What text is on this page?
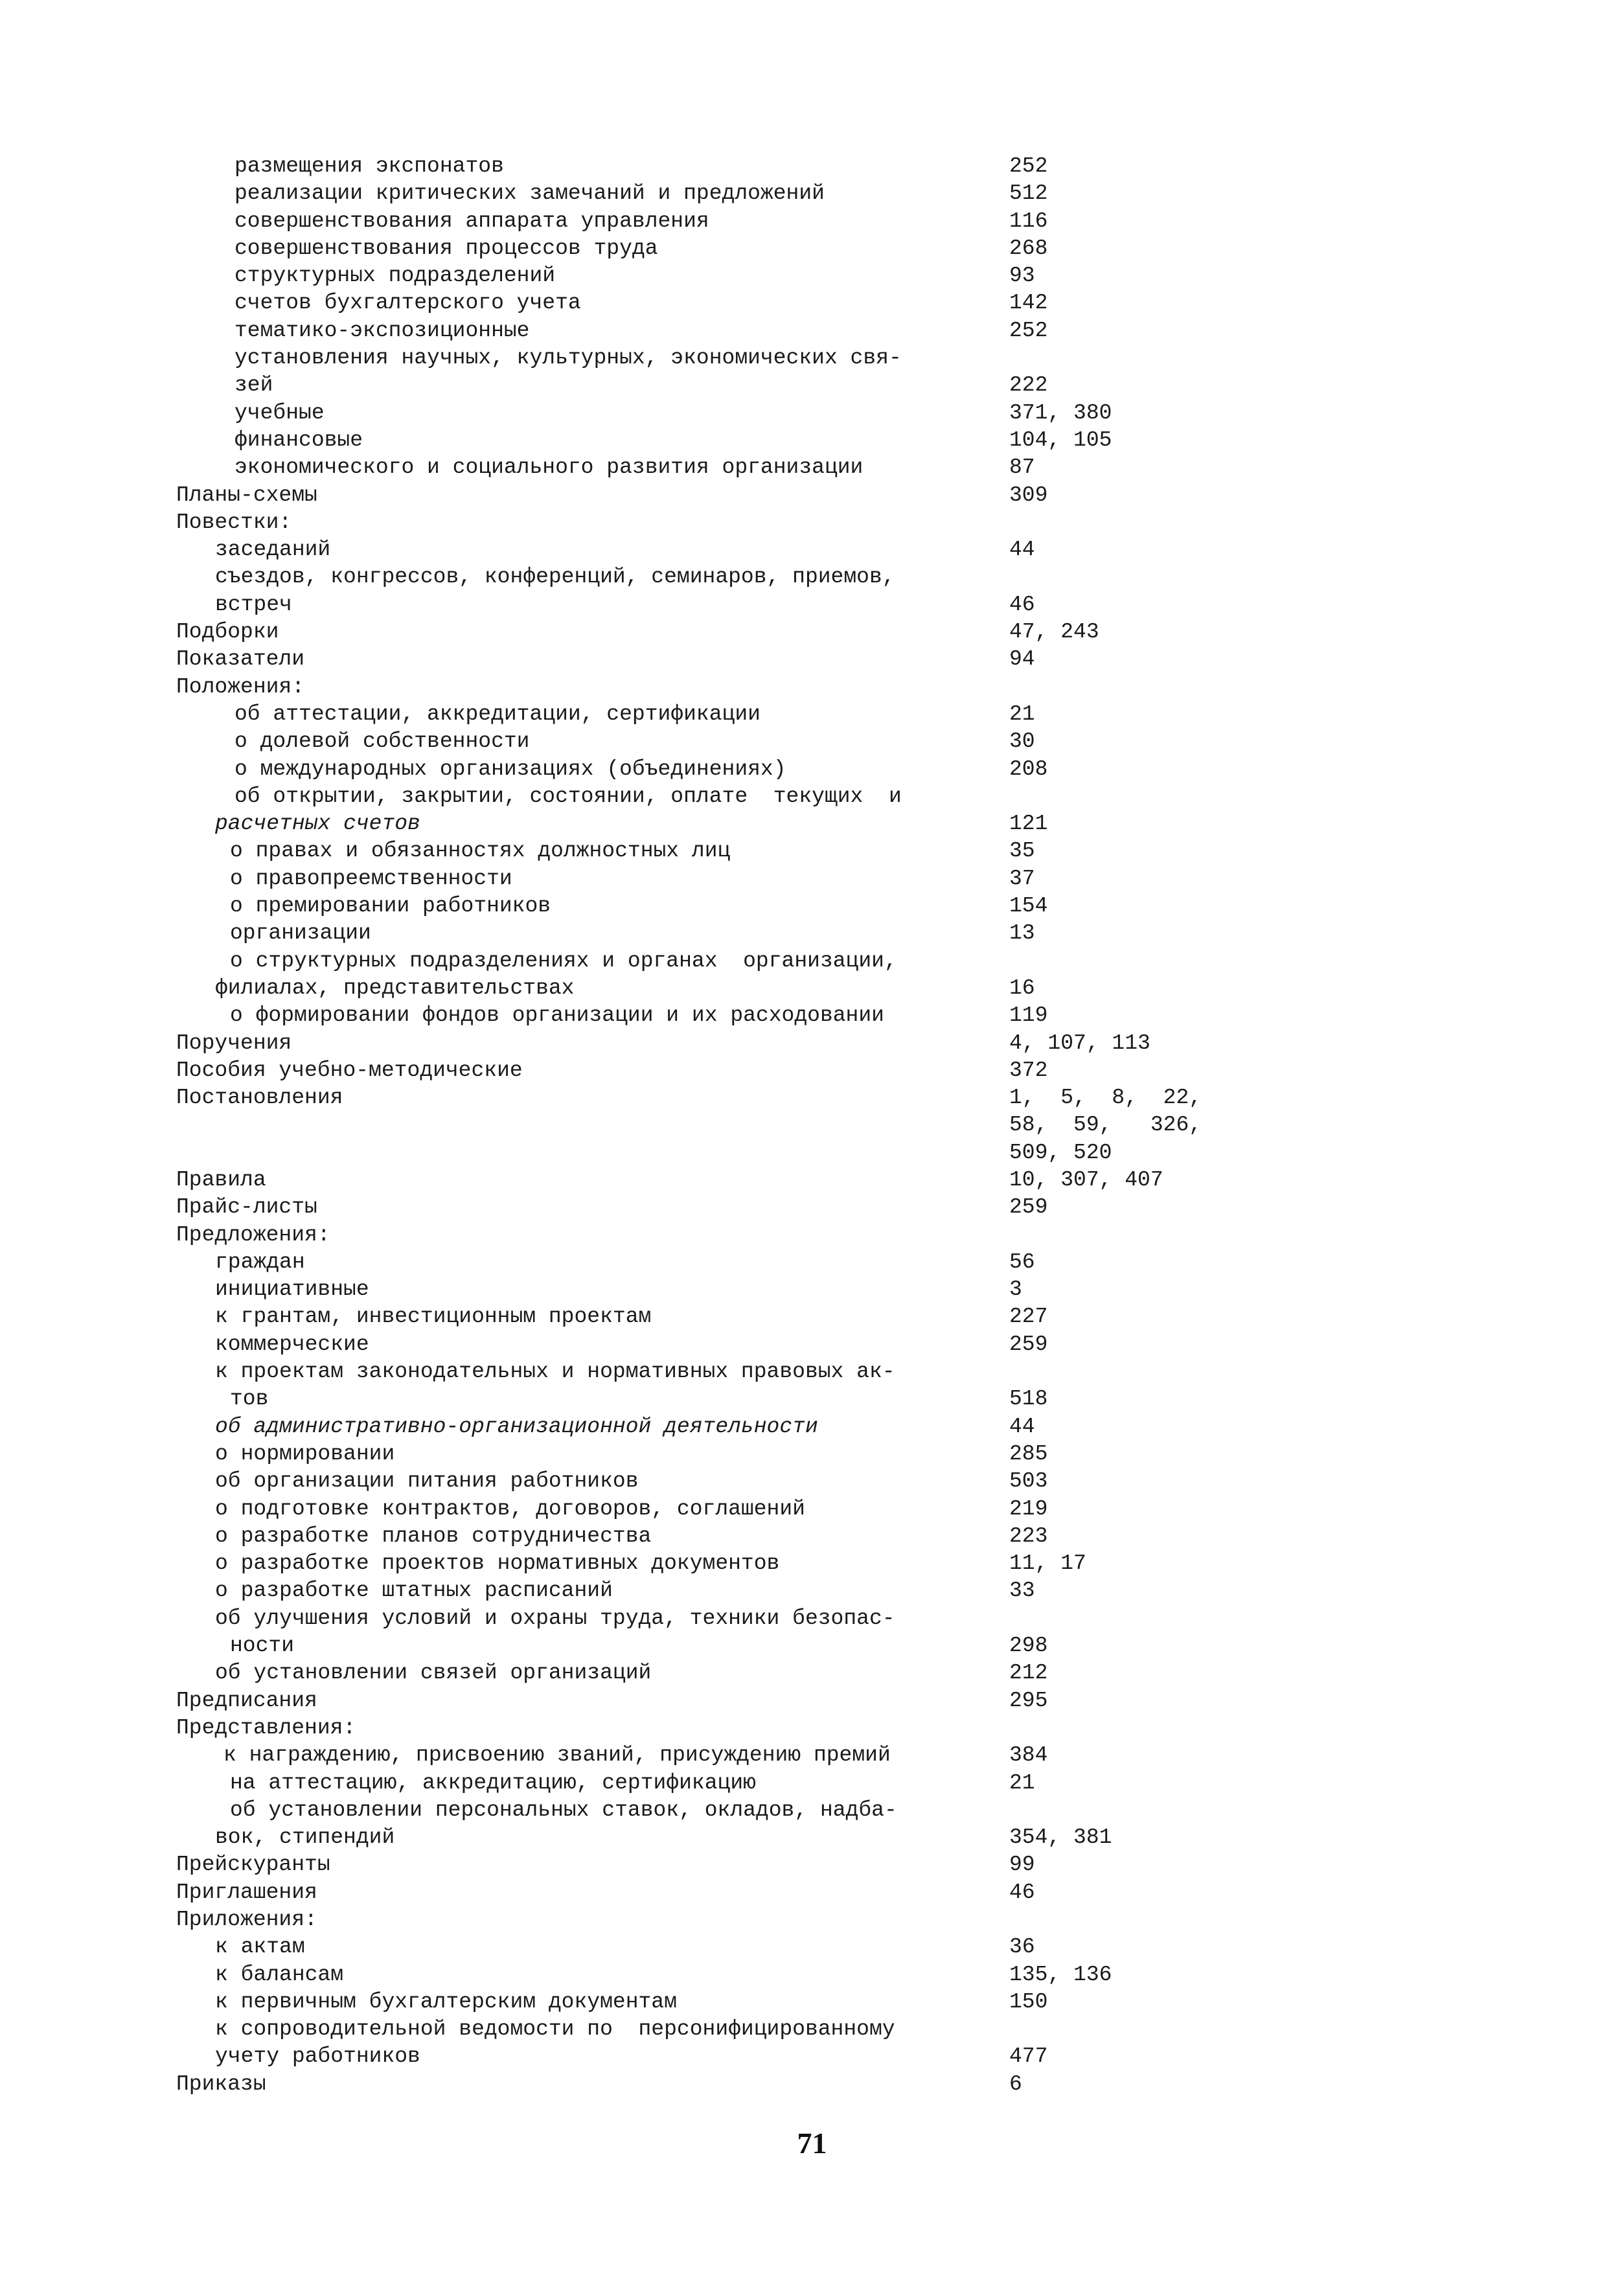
размещения экспонатов	252
реализации критических замечаний и предложений	512
совершенствования аппарата управления	116
совершенствования процессов труда	268
структурных подразделений	93
счетов бухгалтерского учета	142
тематико-экспозиционные	252
установления научных, культурных, экономических свя-
зей	222
учебные	371, 380
финансовые	104, 105
экономического и социального развития организации	87
Планы-схемы	309
Повестки:
заседаний	44
съездов, конгрессов, конференций, семинаров, приемов,
встреч	46
Подборки	47, 243
Показатели	94
Положения:
об аттестации, аккредитации, сертификации	21
о долевой собственности	30
о международных организациях (объединениях)	208
об открытии, закрытии, состоянии, оплате  текущих  и
расчетных счетов	121
о правах и обязанностях должностных лиц	35
о правопреемственности	37
о премировании работников	154
организации	13
о структурных подразделениях и органах  организации,
филиалах, представительствах	16
о формировании фондов организации и их расходовании	119
Поручения	4, 107, 113
Пособия учебно-методические	372
Постановления	1,  5,  8,  22,
58,  59,   326,
509, 520
Правила	10, 307, 407
Прайс-листы	259
Предложения:
граждан	56
инициативные	3
к грантам, инвестиционным проектам	227
коммерческие	259
к проектам законодательных и нормативных правовых ак-
тов	518
об административно-организационной деятельности	44
о нормировании	285
об организации питания работников	503
о подготовке контрактов, договоров, соглашений	219
о разработке планов сотрудничества	223
о разработке проектов нормативных документов	11, 17
о разработке штатных расписаний	33
об улучшения условий и охраны труда, техники безопас-
ности	298
об установлении связей организаций	212
Предписания	295
Представления:
к награждению, присвоению званий, присуждению премий	384
на аттестацию, аккредитацию, сертификацию	21
об установлении персональных ставок, окладов, надба-
вок, стипендий	354, 381
Прейскуранты	99
Приглашения	46
Приложения:
к актам	36
к балансам	135, 136
к первичным бухгалтерским документам	150
к сопроводительной ведомости по  персонифицированному
учету работников	477
Приказы	6
71
